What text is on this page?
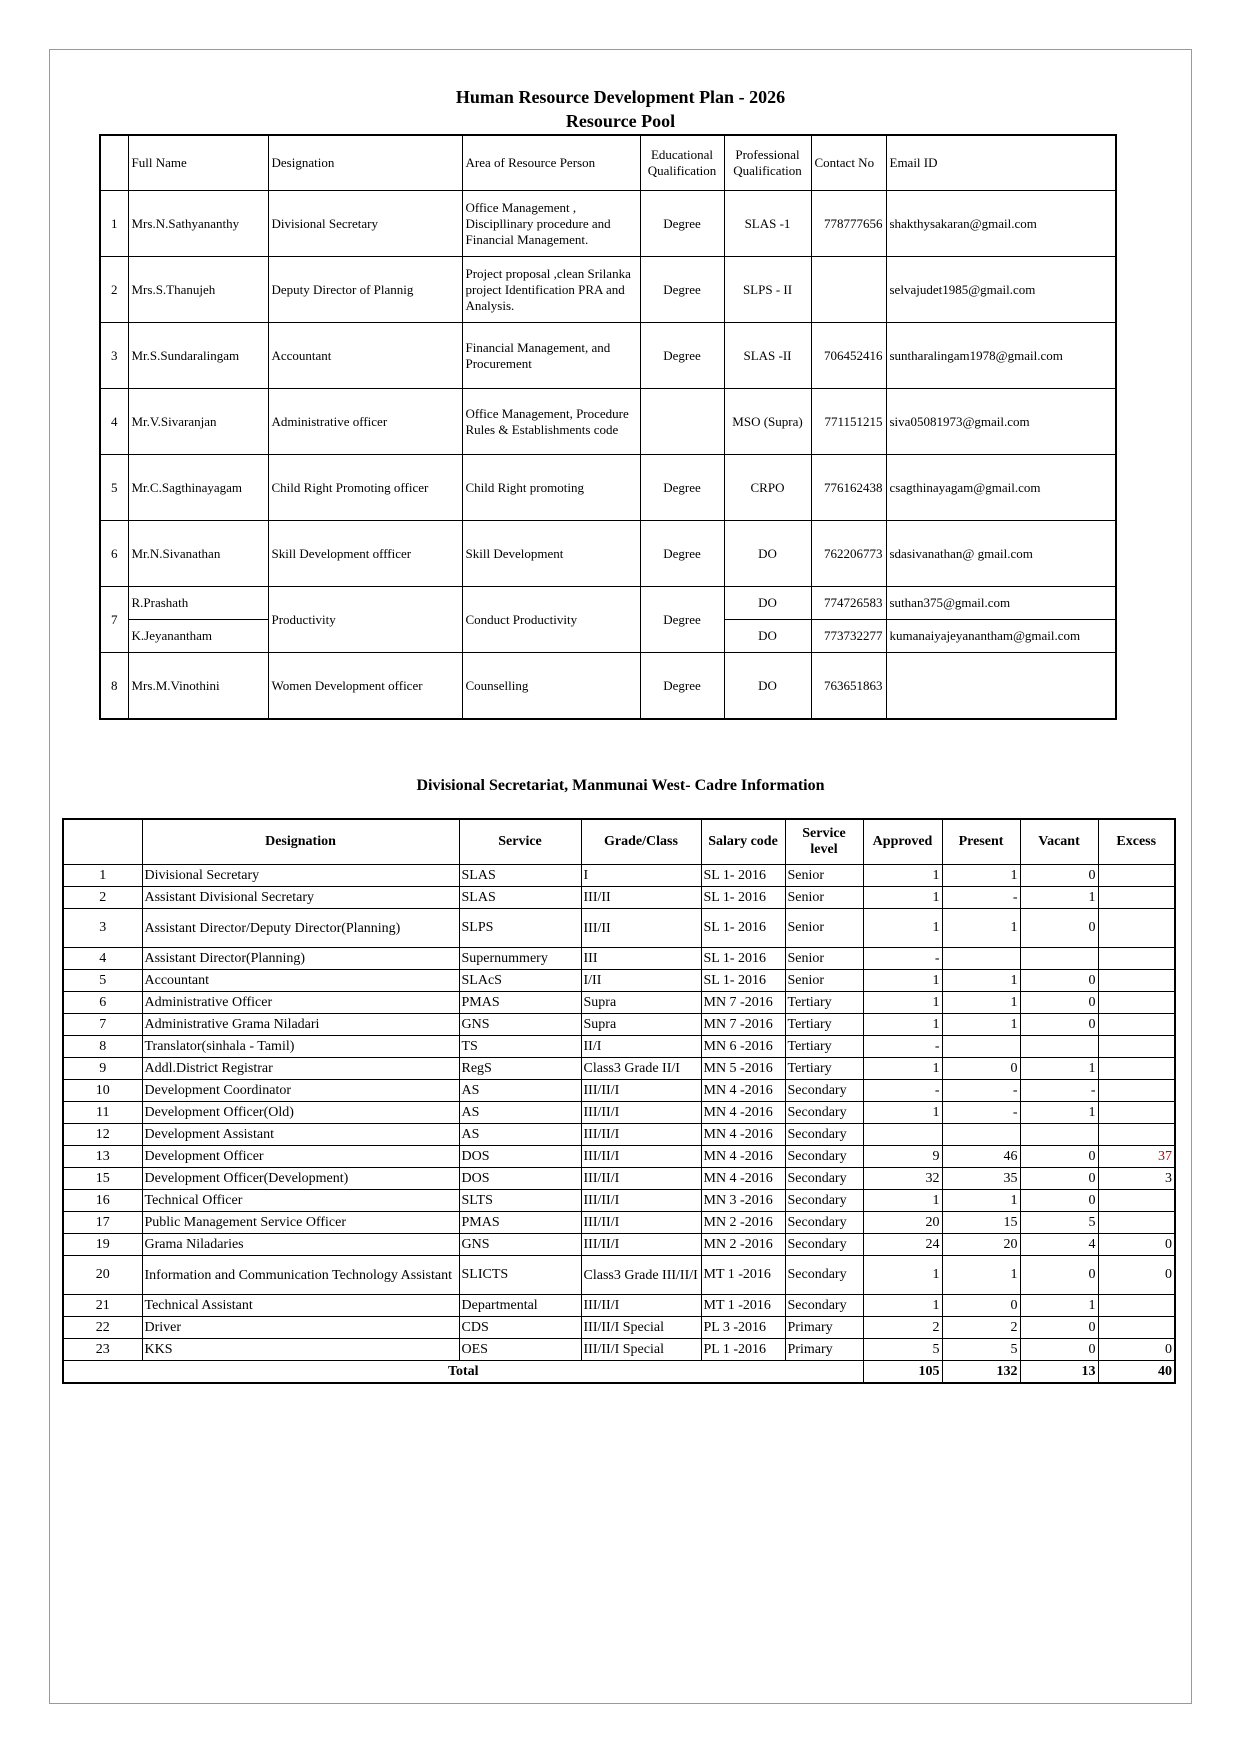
Human Resource Development Plan - 2026
Resource Pool
	Full Name	Designation	Area of Resource Person	Educational Qualification	Professional Qualification	Contact No	Email ID
1	Mrs.N.Sathyananthy	Divisional Secretary	Office Management , Discipllinary procedure and Financial Management.	Degree	SLAS -1	778777656	shakthysakaran@gmail.com
2	Mrs.S.Thanujeh	Deputy Director of Plannig	Project proposal ,clean Srilanka project Identification PRA and Analysis.	Degree	SLPS - II		selvajudet1985@gmail.com
3	Mr.S.Sundaralingam	Accountant	Financial Management, and Procurement	Degree	SLAS -II	706452416	suntharalingam1978@gmail.com
4	Mr.V.Sivaranjan	Administrative officer	Office Management, Procedure Rules & Establishments code		MSO (Supra)	771151215	siva05081973@gmail.com
5	Mr.C.Sagthinayagam	Child Right Promoting officer	Child Right promoting	Degree	CRPO	776162438	csagthinayagam@gmail.com
6	Mr.N.Sivanathan	Skill Development offficer	Skill Development	Degree	DO	762206773	sdasivanathan@ gmail.com
7	R.Prashath	Productivity	Conduct Productivity	Degree	DO	774726583	suthan375@gmail.com
	K.Jeyanantham				DO	773732277	kumanaiyajeyanantham@gmail.com
8	Mrs.M.Vinothini	Women Development officer	Counselling	Degree	DO	763651863	
Divisional Secretariat, Manmunai West- Cadre Information
	Designation	Service	Grade/Class	Salary code	Service level	Approved	Present	Vacant	Excess
1	Divisional Secretary	SLAS	I	SL 1- 2016	Senior	1	1	0	
2	Assistant Divisional Secretary	SLAS	III/II	SL 1- 2016	Senior	1	-	1	
3	Assistant Director/Deputy Director(Planning)	SLPS	III/II	SL 1- 2016	Senior	1	1	0	
4	Assistant Director(Planning)	Supernummery	III	SL 1- 2016	Senior	-			
5	Accountant	SLAcS	I/II	SL 1- 2016	Senior	1	1	0	
6	Administrative Officer	PMAS	Supra	MN 7 -2016	Tertiary	1	1	0	
7	Administrative Grama Niladari	GNS	Supra	MN 7 -2016	Tertiary	1	1	0	
8	Translator(sinhala - Tamil)	TS	II/I	MN 6 -2016	Tertiary	-			
9	Addl.District Registrar	RegS	Class3 Grade II/I	MN 5 -2016	Tertiary	1	0	1	
10	Development Coordinator	AS	III/II/I	MN 4 -2016	Secondary	-	-	-	
11	Development Officer(Old)	AS	III/II/I	MN 4 -2016	Secondary	1	-	1	
12	Development Assistant	AS	III/II/I	MN 4 -2016	Secondary				
13	Development Officer	DOS	III/II/I	MN 4 -2016	Secondary	9	46	0	37
15	Development Officer(Development)	DOS	III/II/I	MN 4 -2016	Secondary	32	35	0	3
16	Technical Officer	SLTS	III/II/I	MN 3 -2016	Secondary	1	1	0	
17	Public Management Service Officer	PMAS	III/II/I	MN 2 -2016	Secondary	20	15	5	
19	Grama Niladaries	GNS	III/II/I	MN 2 -2016	Secondary	24	20	4	0
20	Information and Communication Technology Assistant	SLICTS	Class3 Grade III/II/I	MT 1 -2016	Secondary	1	1	0	0
21	Technical Assistant	Departmental	III/II/I	MT 1 -2016	Secondary	1	0	1	
22	Driver	CDS	III/II/I Special	PL 3 -2016	Primary	2	2	0	
23	KKS	OES	III/II/I Special	PL 1 -2016	Primary	5	5	0	0
Total						105	132	13	40
